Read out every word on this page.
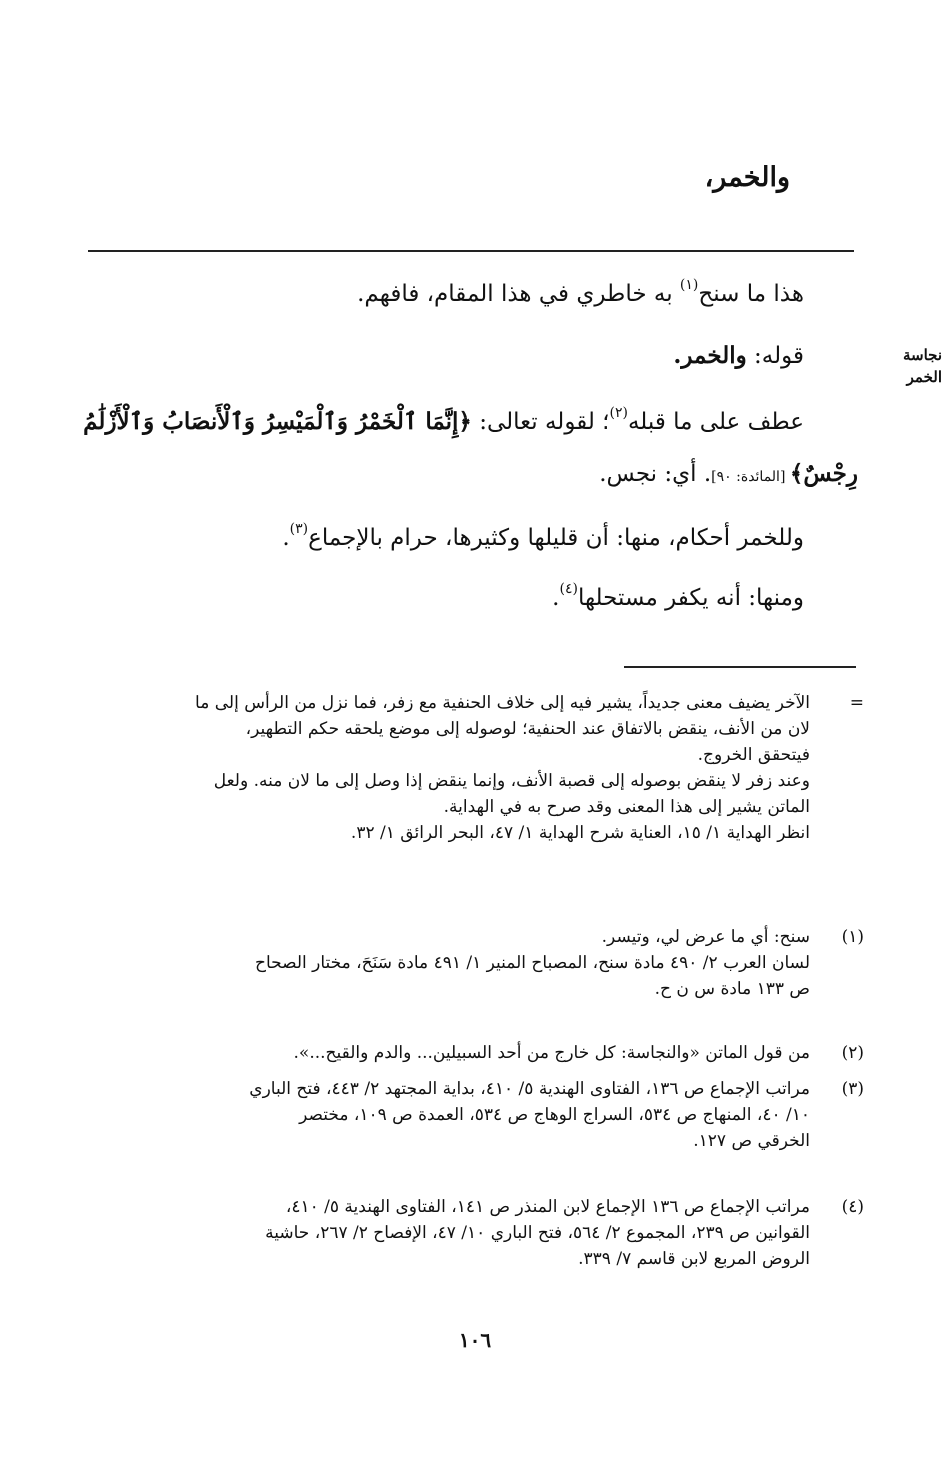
والخمر،
نجاسة
الخمر
هذا ما سنح$^{(١)}$ به خاطري في هذا المقام، فافهم.
قوله: والخمر.
عطف على ما قبله$^{(٢)}$؛ لقوله تعالى: ﴿إِنَّمَا ٱلْخَمْرُ وَٱلْمَيْسِرُ وَٱلْأَنصَابُ وَٱلْأَزْلَٰمُ
رِجْسٌ﴾ [المائدة: ٩٠]. أي: نجس.
وللخمر أحكام، منها: أن قليلها وكثيرها، حرام بالإجماع$^{(٣)}$.
ومنها: أنه يكفر مستحلها$^{(٤)}$.
=
الآخر يضيف معنى جديداً، يشير فيه إلى خلاف الحنفية مع زفر، فما نزل من الرأس إلى ما
لان من الأنف، ينقض بالاتفاق عند الحنفية؛ لوصوله إلى موضع يلحقه حكم التطهير،
فيتحقق الخروج.
وعند زفر لا ينقض بوصوله إلى قصبة الأنف، وإنما ينقض إذا وصل إلى ما لان منه. ولعل
الماتن يشير إلى هذا المعنى وقد صرح به في الهداية.
انظر الهداية ١/ ١٥، العناية شرح الهداية ١/ ٤٧، البحر الرائق ١/ ٣٢.
(١)
سنح: أي ما عرض لي، وتيسر.
لسان العرب ٢/ ٤٩٠ مادة سنح، المصباح المنير ١/ ٤٩١ مادة سَنَحَ، مختار الصحاح
ص ١٣٣ مادة س ن ح.
(٢)
من قول الماتن «والنجاسة: كل خارج من أحد السبيلين... والدم والقيح...».
(٣)
مراتب الإجماع ص ١٣٦، الفتاوى الهندية ٥/ ٤١٠، بداية المجتهد ٢/ ٤٤٣، فتح الباري
١٠/ ٤٠، المنهاج ص ٥٣٤، السراج الوهاج ص ٥٣٤، العمدة ص ١٠٩، مختصر
الخرقي ص ١٢٧.
(٤)
مراتب الإجماع ص ١٣٦ الإجماع لابن المنذر ص ١٤١، الفتاوى الهندية ٥/ ٤١٠،
القوانين ص ٢٣٩، المجموع ٢/ ٥٦٤، فتح الباري ١٠/ ٤٧، الإفصاح ٢/ ٢٦٧، حاشية
الروض المربع لابن قاسم ٧/ ٣٣٩.
١٠٦
